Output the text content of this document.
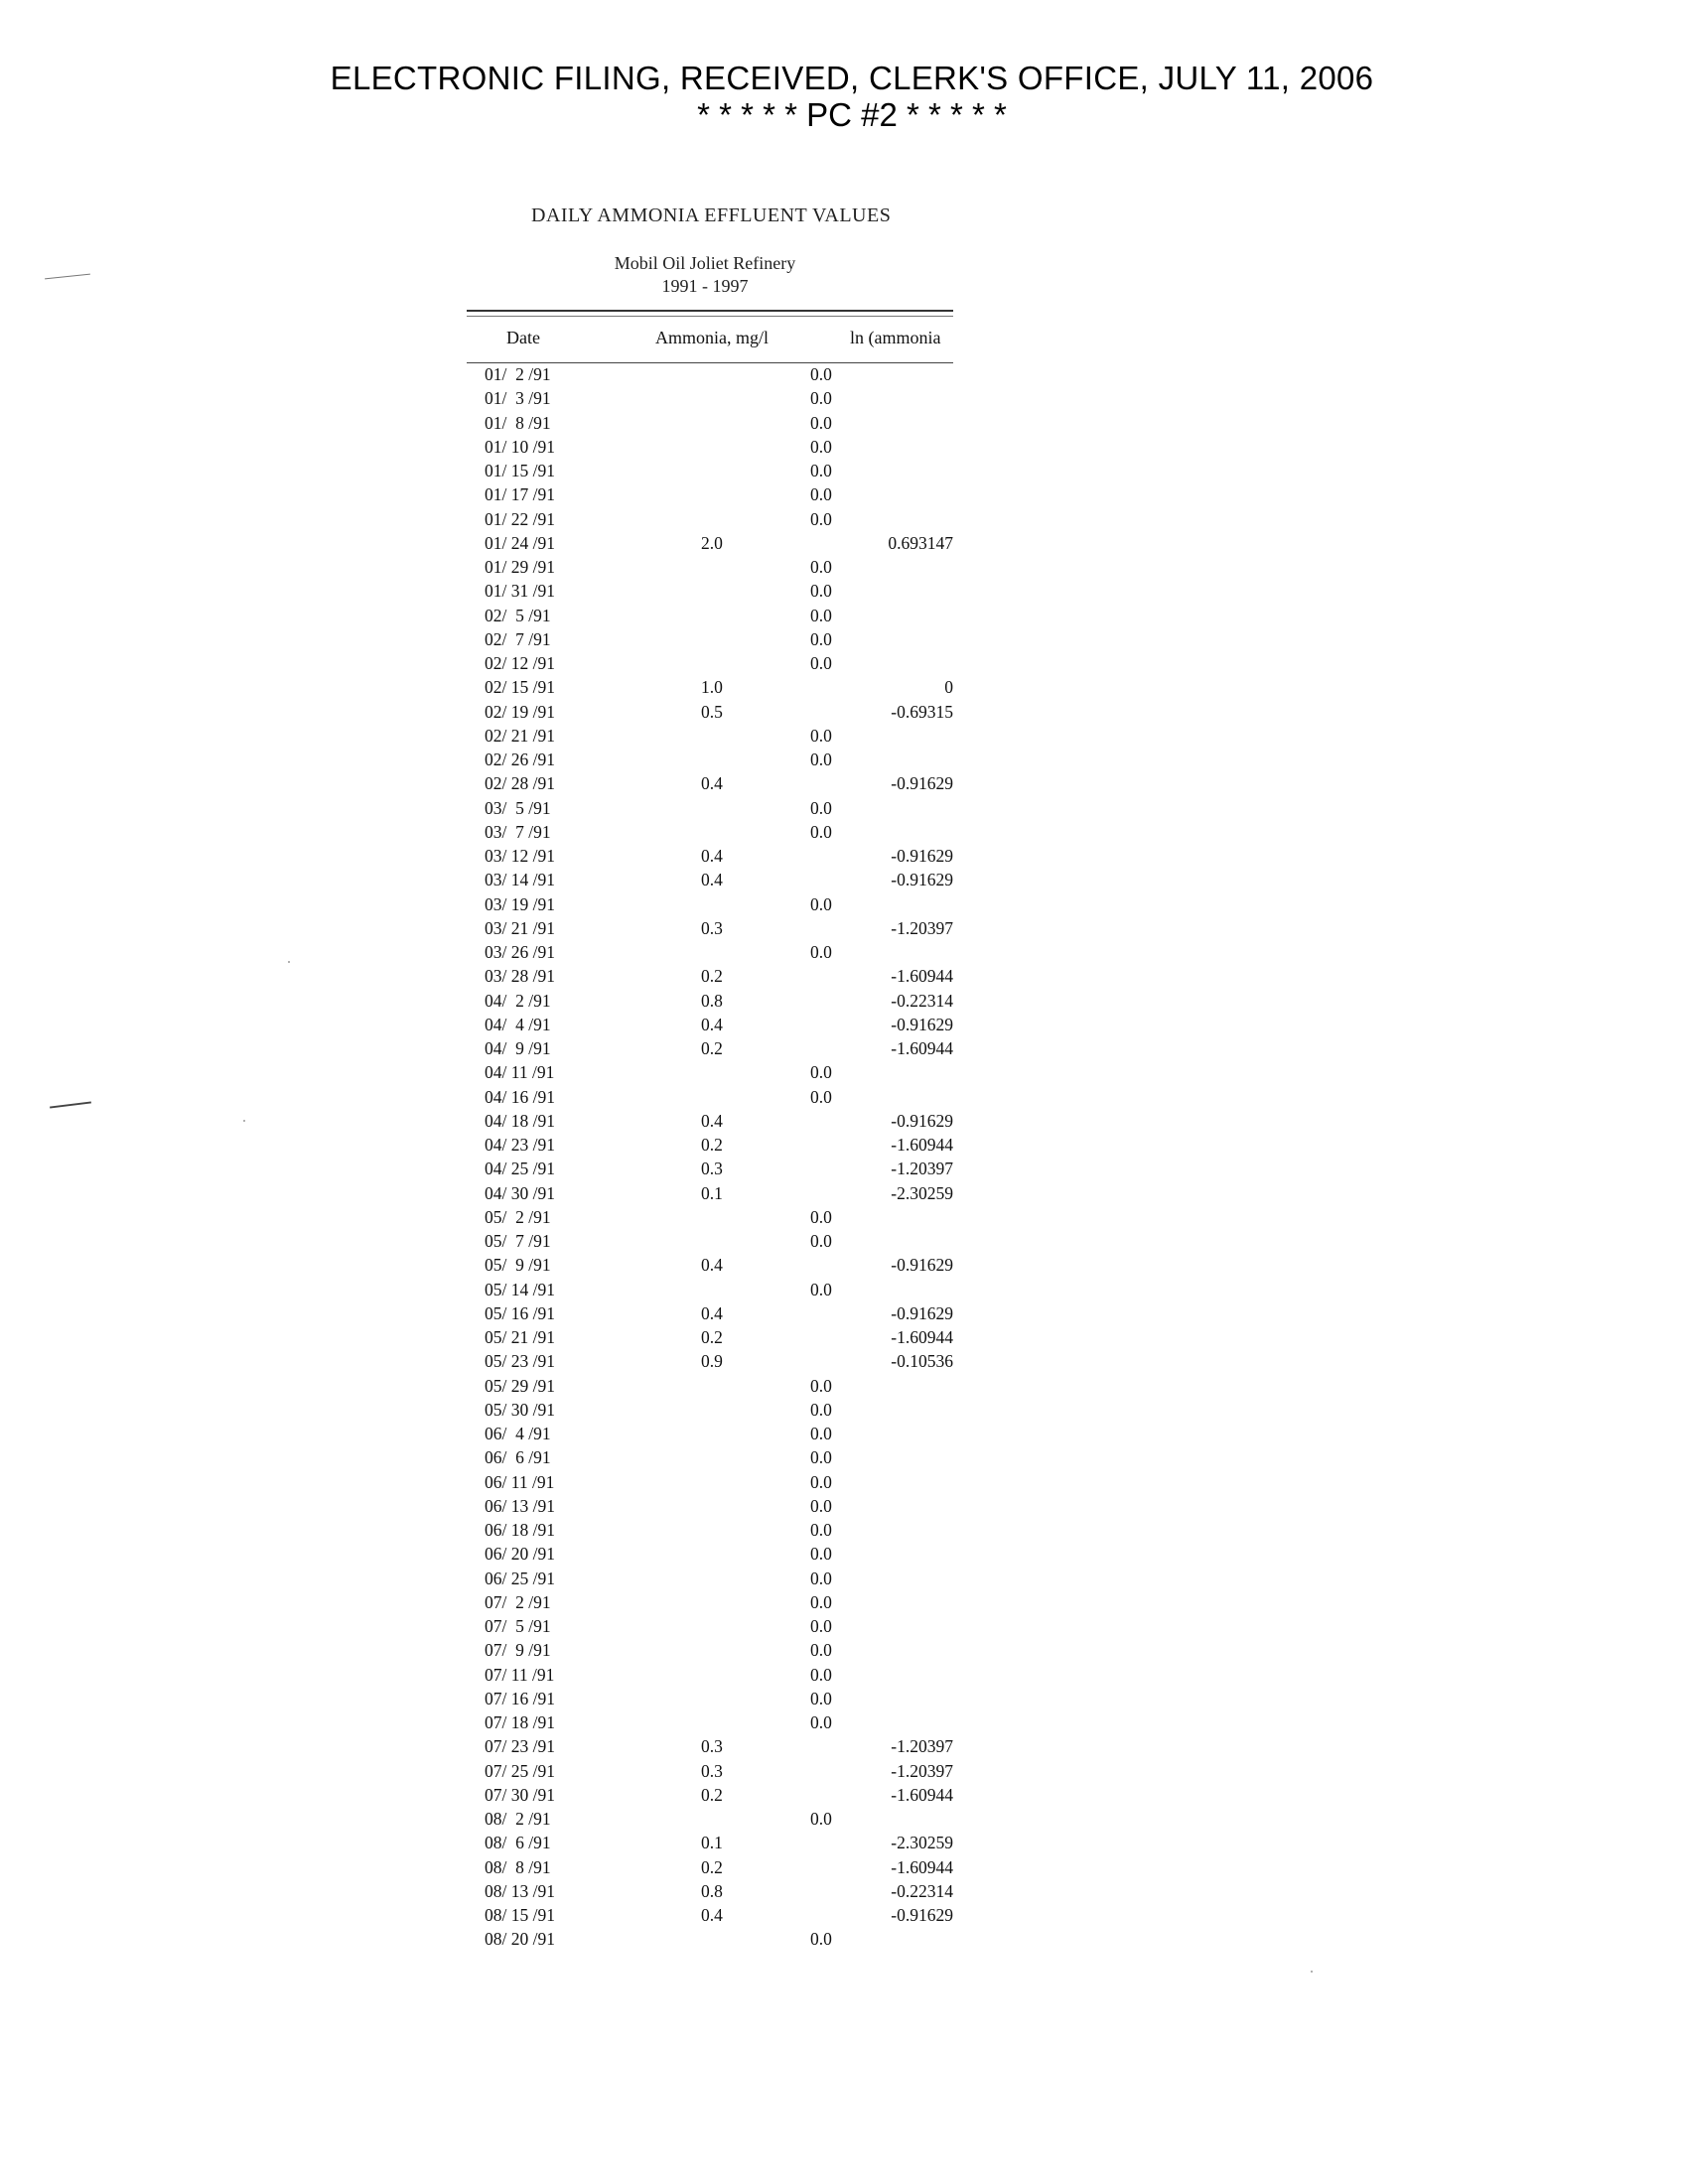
ELECTRONIC FILING, RECEIVED, CLERK'S OFFICE, JULY 11, 2006
* * * * * PC #2 * * * * *
DAILY AMMONIA EFFLUENT VALUES
Mobil Oil Joliet Refinery
1991 - 1997
Date	Ammonia, mg/l	ln (ammonia
01/  2 /91	0.0
01/  3 /91	0.0
01/  8 /91	0.0
01/ 10 /91	0.0
01/ 15 /91	0.0
01/ 17 /91	0.0
01/ 22 /91	0.0
01/ 24 /91	2.0	0.693147
01/ 29 /91	0.0
01/ 31 /91	0.0
02/  5 /91	0.0
02/  7 /91	0.0
02/ 12 /91	0.0
02/ 15 /91	1.0	0
02/ 19 /91	0.5	-0.69315
02/ 21 /91	0.0
02/ 26 /91	0.0
02/ 28 /91	0.4	-0.91629
03/  5 /91	0.0
03/  7 /91	0.0
03/ 12 /91	0.4	-0.91629
03/ 14 /91	0.4	-0.91629
03/ 19 /91	0.0
03/ 21 /91	0.3	-1.20397
03/ 26 /91	0.0
03/ 28 /91	0.2	-1.60944
04/  2 /91	0.8	-0.22314
04/  4 /91	0.4	-0.91629
04/  9 /91	0.2	-1.60944
04/ 11 /91	0.0
04/ 16 /91	0.0
04/ 18 /91	0.4	-0.91629
04/ 23 /91	0.2	-1.60944
04/ 25 /91	0.3	-1.20397
04/ 30 /91	0.1	-2.30259
05/  2 /91	0.0
05/  7 /91	0.0
05/  9 /91	0.4	-0.91629
05/ 14 /91	0.0
05/ 16 /91	0.4	-0.91629
05/ 21 /91	0.2	-1.60944
05/ 23 /91	0.9	-0.10536
05/ 29 /91	0.0
05/ 30 /91	0.0
06/  4 /91	0.0
06/  6 /91	0.0
06/ 11 /91	0.0
06/ 13 /91	0.0
06/ 18 /91	0.0
06/ 20 /91	0.0
06/ 25 /91	0.0
07/  2 /91	0.0
07/  5 /91	0.0
07/  9 /91	0.0
07/ 11 /91	0.0
07/ 16 /91	0.0
07/ 18 /91	0.0
07/ 23 /91	0.3	-1.20397
07/ 25 /91	0.3	-1.20397
07/ 30 /91	0.2	-1.60944
08/  2 /91	0.0
08/  6 /91	0.1	-2.30259
08/  8 /91	0.2	-1.60944
08/ 13 /91	0.8	-0.22314
08/ 15 /91	0.4	-0.91629
08/ 20 /91	0.0
